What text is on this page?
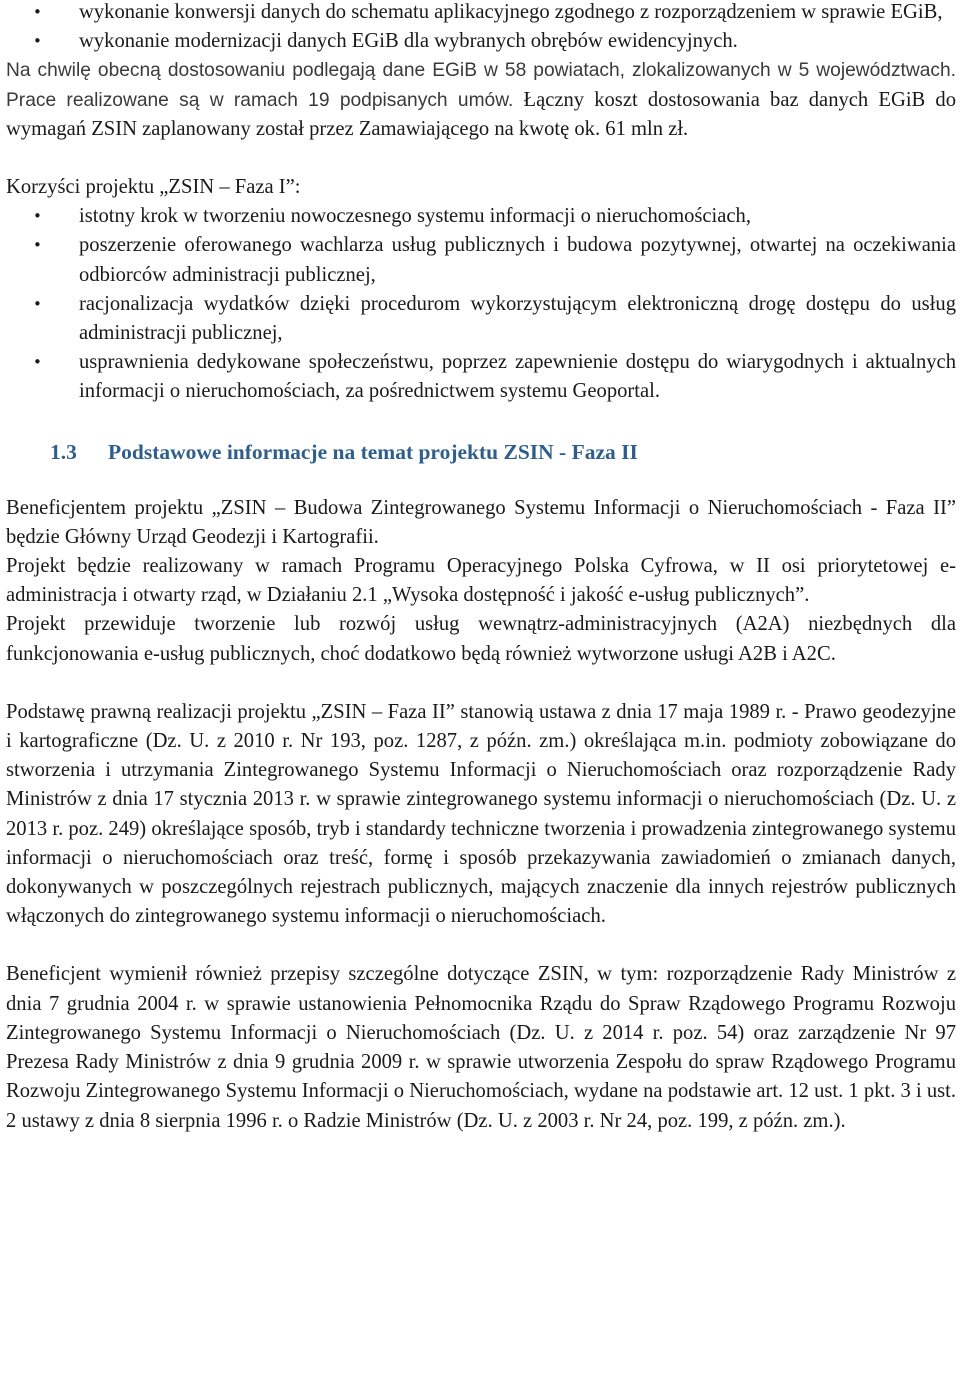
• wykonanie konwersji danych do schematu aplikacyjnego zgodnego z rozporządzeniem w sprawie EGiB,
• wykonanie modernizacji danych EGiB dla wybranych obrębów ewidencyjnych.

Na chwilę obecną dostosowaniu podlegają dane EGiB w 58 powiatach, zlokalizowanych w 5 województwach. Prace realizowane są w ramach 19 podpisanych umów. Łączny koszt dostosowania baz danych EGiB do wymagań ZSIN zaplanowany został przez Zamawiającego na kwotę ok. 61 mln zł.

Korzyści projektu „ZSIN – Faza I”:

• istotny krok w tworzeniu nowoczesnego systemu informacji o nieruchomościach,
• poszerzenie oferowanego wachlarza usług publicznych i budowa pozytywnej, otwartej na oczekiwania odbiorców administracji publicznej,
• racjonalizacja wydatków dzięki procedurom wykorzystującym elektroniczną drogę dostępu do usług administracji publicznej,
• usprawnienia dedykowane społeczeństwu, poprzez zapewnienie dostępu do wiarygodnych i aktualnych informacji o nieruchomościach, za pośrednictwem systemu Geoportal.
1.3 Podstawowe informacje na temat projektu ZSIN - Faza II

Beneficjentem projektu „ZSIN – Budowa Zintegrowanego Systemu Informacji o Nieruchomościach - Faza II” będzie Główny Urząd Geodezji i Kartografii.

Projekt będzie realizowany w ramach Programu Operacyjnego Polska Cyfrowa, w II osi priorytetowej e-administracja i otwarty rząd, w Działaniu 2.1 „Wysoka dostępność i jakość e-usług publicznych”.

Projekt przewiduje tworzenie lub rozwój usług wewnątrz-administracyjnych (A2A) niezbędnych dla funkcjonowania e-usług publicznych, choć dodatkowo będą również wytworzone usługi A2B i A2C.

Podstawę prawną realizacji projektu „ZSIN – Faza II” stanowią ustawa z dnia 17 maja 1989 r. - Prawo geodezyjne i kartograficzne (Dz. U. z 2010 r. Nr 193, poz. 1287, z późn. zm.) określająca m.in. podmioty zobowiązane do stworzenia i utrzymania Zintegrowanego Systemu Informacji o Nieruchomościach oraz rozporządzenie Rady Ministrów z dnia 17 stycznia 2013 r. w sprawie zintegrowanego systemu informacji o nieruchomościach (Dz. U. z 2013 r. poz. 249) określające sposób, tryb i standardy techniczne tworzenia i prowadzenia zintegrowanego systemu informacji o nieruchomościach oraz treść, formę i sposób przekazywania zawiadomień o zmianach danych, dokonywanych w poszczególnych rejestrach publicznych, mających znaczenie dla innych rejestrów publicznych włączonych do zintegrowanego systemu informacji o nieruchomościach.

Beneficjent wymienił również przepisy szczególne dotyczące ZSIN, w tym: rozporządzenie Rady Ministrów z dnia 7 grudnia 2004 r. w sprawie ustanowienia Pełnomocnika Rządu do Spraw Rządowego Programu Rozwoju Zintegrowanego Systemu Informacji o Nieruchomościach (Dz. U. z 2014 r. poz. 54) oraz zarządzenie Nr 97 Prezesa Rady Ministrów z dnia 9 grudnia 2009 r. w sprawie utworzenia Zespołu do spraw Rządowego Programu Rozwoju Zintegrowanego Systemu Informacji o Nieruchomościach, wydane na podstawie art. 12 ust. 1 pkt. 3 i ust. 2 ustawy z dnia 8 sierpnia 1996 r. o Radzie Ministrów (Dz. U. z 2003 r. Nr 24, poz. 199, z późn. zm.).
